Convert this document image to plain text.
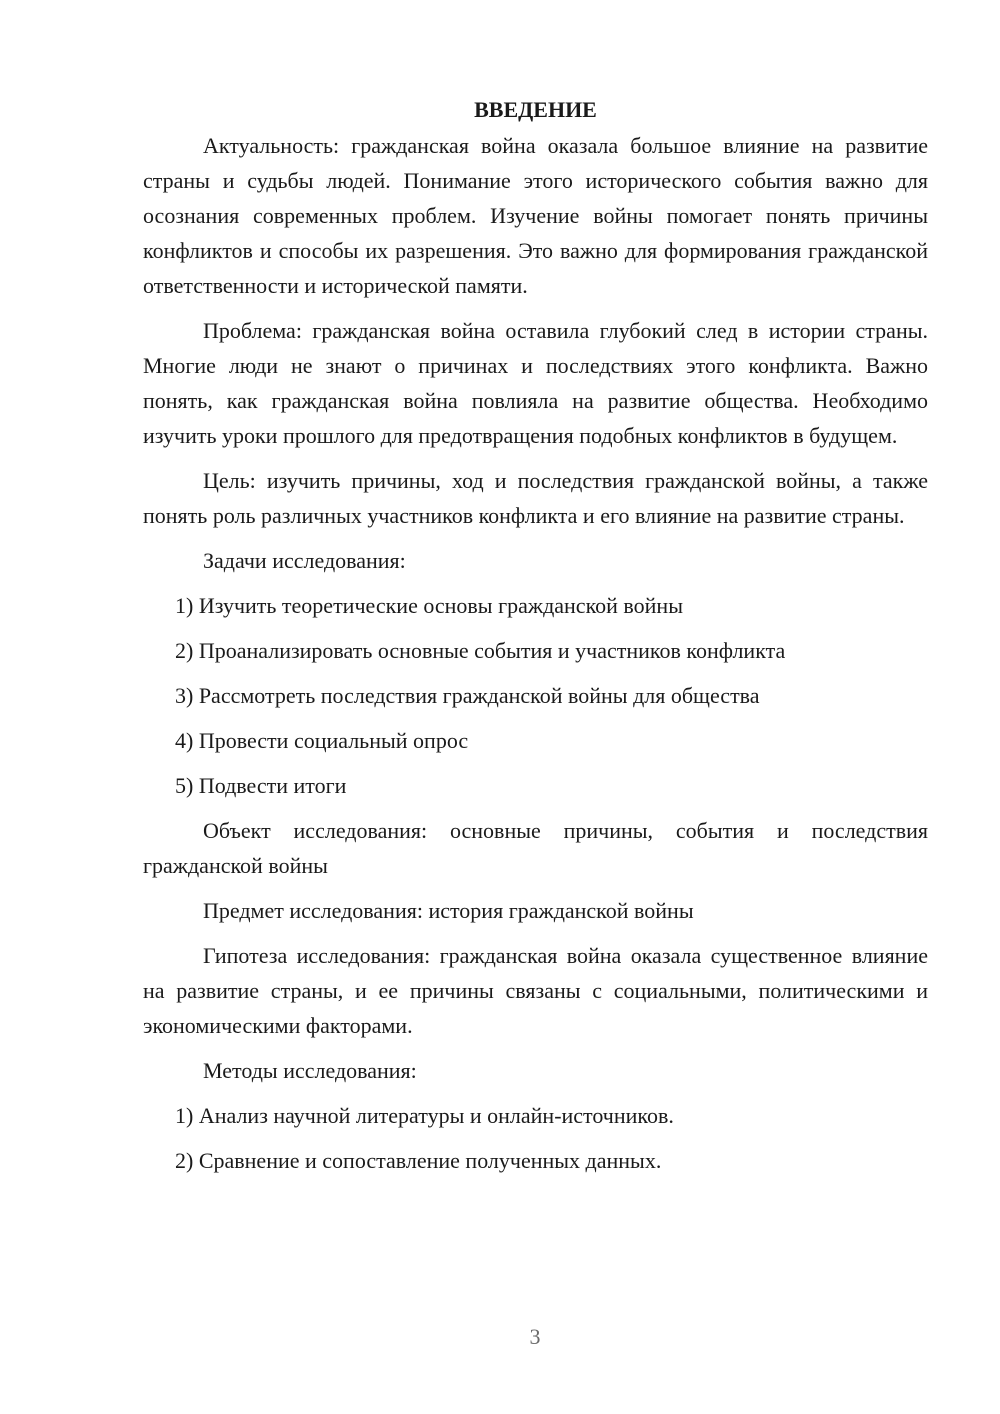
ВВЕДЕНИЕ

Актуальность: гражданская война оказала большое влияние на развитие страны и судьбы людей. Понимание этого исторического события важно для осознания современных проблем. Изучение войны помогает понять причины конфликтов и способы их разрешения. Это важно для формирования гражданской ответственности и исторической памяти.

Проблема: гражданская война оставила глубокий след в истории страны. Многие люди не знают о причинах и последствиях этого конфликта. Важно понять, как гражданская война повлияла на развитие общества. Необходимо изучить уроки прошлого для предотвращения подобных конфликтов в будущем.

Цель: изучить причины, ход и последствия гражданской войны, а также понять роль различных участников конфликта и его влияние на развитие страны.

Задачи исследования:

1) Изучить теоретические основы гражданской войны
2) Проанализировать основные события и участников конфликта
3) Рассмотреть последствия гражданской войны для общества
4) Провести социальный опрос
5) Подвести итоги

Объект исследования: основные причины, события и последствия гражданской войны

Предмет исследования: история гражданской войны

Гипотеза исследования: гражданская война оказала существенное влияние на развитие страны, и ее причины связаны с социальными, политическими и экономическими факторами.

Методы исследования:

1) Анализ научной литературы и онлайн-источников.
2) Сравнение и сопоставление полученных данных.
3
